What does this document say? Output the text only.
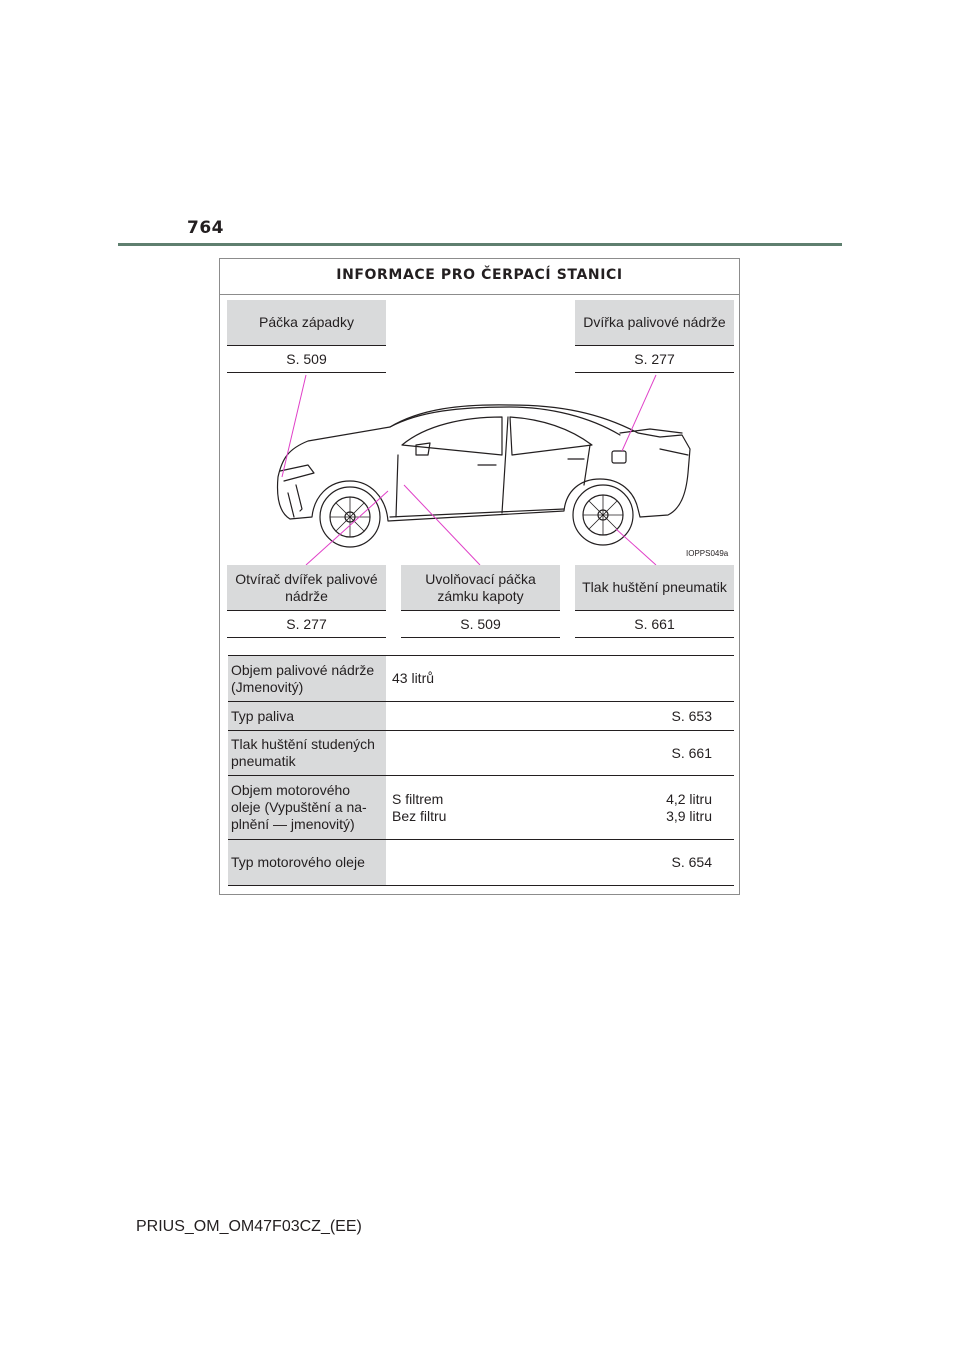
764
INFORMACE PRO ČERPACÍ STANICI
IOPPS049a
Páčka západky
S. 509
Dvířka palivové nádrže
S. 277
Otvírač dvířek palivové nádrže
S. 277
Uvolňovací páčka zámku kapoty
S. 509
Tlak huštění pneumatik
S. 661
Objem palivové nádrže (Jmenovitý)
43 litrů
Typ paliva	S. 653
Tlak huštění studených pneumatik
S. 661
Objem motorového oleje (Vypuštění a na-plnění — jmenovitý)
S filtrem
Bez filtru
4,2 litru
3,9 litru
Typ motorového oleje	S. 654
PRIUS_OM_OM47F03CZ_(EE)
